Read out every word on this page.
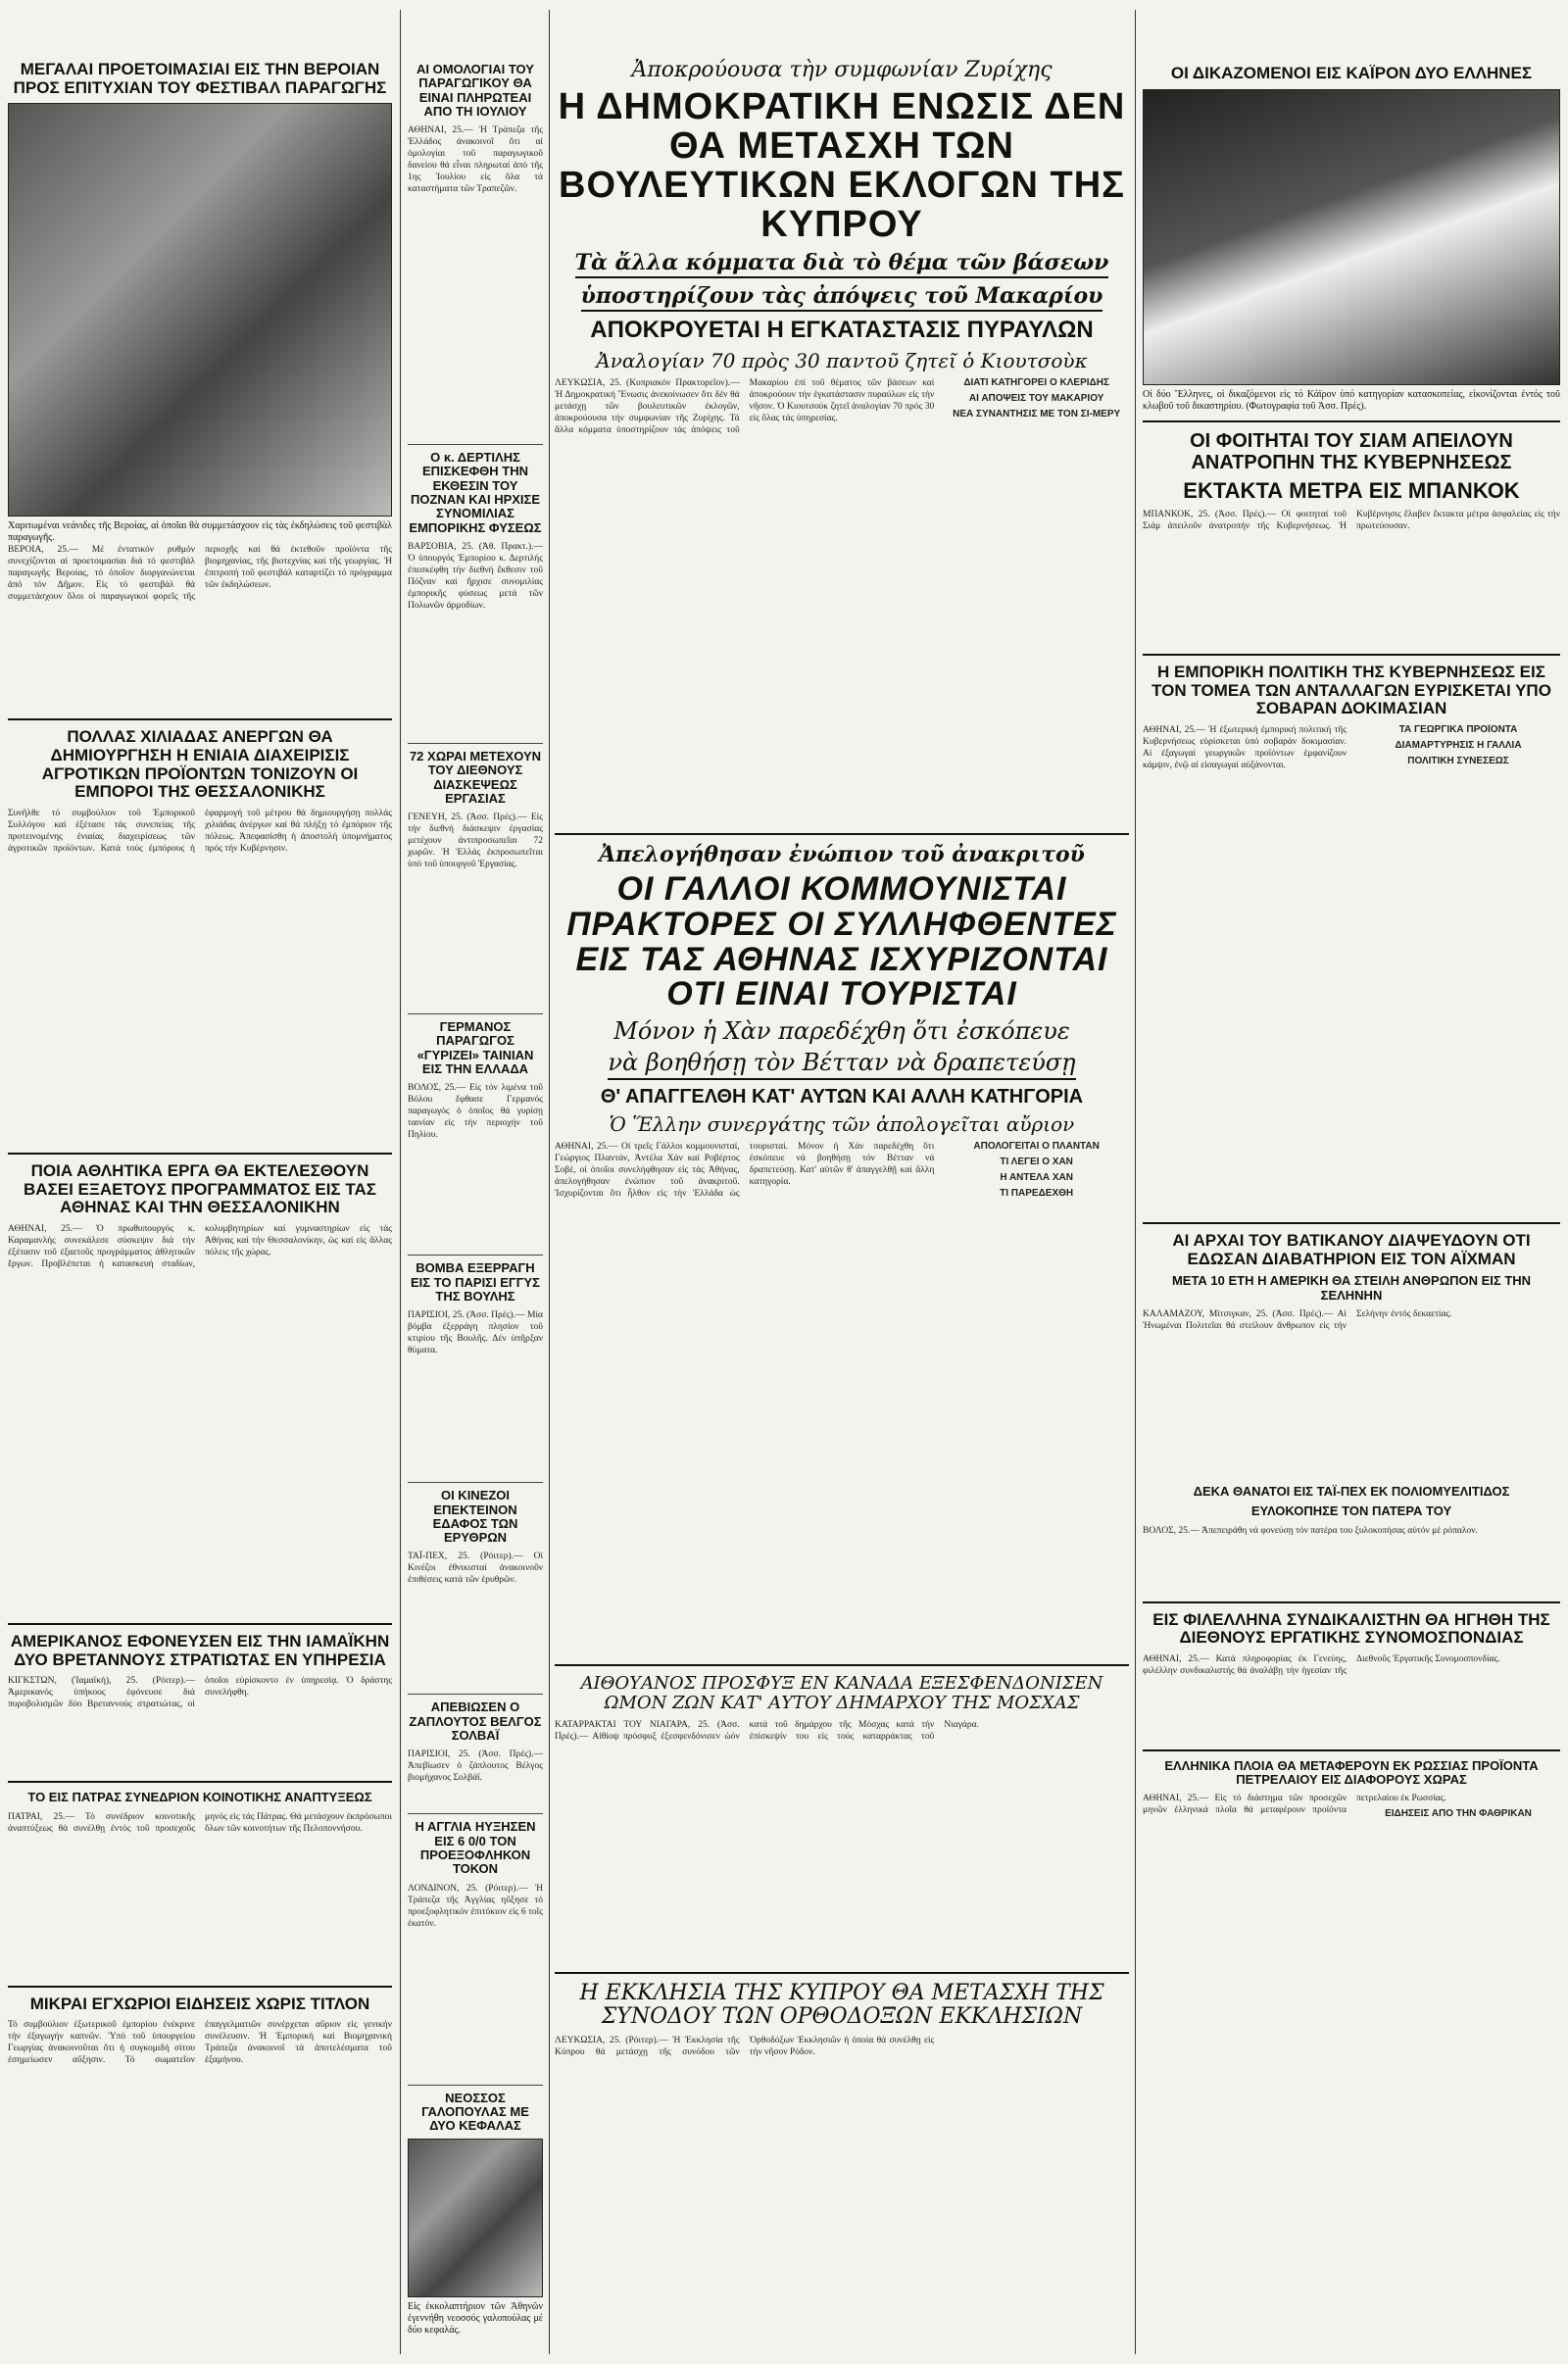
ΜΕΓΑΛΑΙ ΠΡΟΕΤΟΙΜΑΣΙΑΙ ΕΙΣ ΤΗΝ ΒΕΡΟΙΑΝ ΠΡΟΣ ΕΠΙΤΥΧΙΑΝ ΤΟΥ ΦΕΣΤΙΒΑΛ ΠΑΡΑΓΩΓΗΣ
Χαριτωμέναι νεάνιδες τῆς Βεροίας, αἱ ὁποῖαι θὰ συμμετάσχουν εἰς τὰς ἐκδηλώσεις τοῦ φεστιβὰλ παραγωγῆς.
ΒΕΡΟΙΑ, 25.— Μέ ἐντατικόν ρυθμόν συνεχίζονται αἱ προετοιμασίαι διά τό φεστιβάλ παραγωγῆς Βεροίας, τό ὁποῖον διοργανώνεται ἀπό τόν Δῆμον. Εἰς τό φεστιβάλ θά συμμετάσχουν ὅλοι οἱ παραγωγικοί φορεῖς τῆς περιοχῆς καί θά ἐκτεθοῦν προϊόντα τῆς βιομηχανίας, τῆς βιοτεχνίας καί τῆς γεωργίας. Ἡ ἐπιτροπή τοῦ φεστιβάλ καταρτίζει τό πρόγραμμα τῶν ἐκδηλώσεων.
ΠΟΛΛΑΣ ΧΙΛΙΑΔΑΣ ΑΝΕΡΓΩΝ ΘΑ ΔΗΜΙΟΥΡΓΗΣΗ Η ΕΝΙΑΙΑ ΔΙΑΧΕΙΡΙΣΙΣ ΑΓΡΟΤΙΚΩΝ ΠΡΟΪΟΝΤΩΝ ΤΟΝΙΖΟΥΝ ΟΙ ΕΜΠΟΡΟΙ ΤΗΣ ΘΕΣΣΑΛΟΝΙΚΗΣ
Συνῆλθε τό συμβούλιον τοῦ Ἐμπορικοῦ Συλλόγου καί ἐξέτασε τάς συνεπείας τῆς προτεινομένης ἐνιαίας διαχειρίσεως τῶν ἀγροτικῶν προϊόντων. Κατά τούς ἐμπόρους ἡ ἐφαρμογή τοῦ μέτρου θά δημιουργήσῃ πολλάς χιλιάδας ἀνέργων καί θά πλήξῃ τό ἐμπόριον τῆς πόλεως. Ἀπεφασίσθη ἡ ἀποστολή ὑπομνήματος πρός τήν Κυβέρνησιν.
ΠΟΙΑ ΑΘΛΗΤΙΚΑ ΕΡΓΑ ΘΑ ΕΚΤΕΛΕΣΘΟΥΝ ΒΑΣΕΙ ΕΞΑΕΤΟΥΣ ΠΡΟΓΡΑΜΜΑΤΟΣ ΕΙΣ ΤΑΣ ΑΘΗΝΑΣ ΚΑΙ ΤΗΝ ΘΕΣΣΑΛΟΝΙΚΗΝ
ΑΘΗΝΑΙ, 25.— Ὁ πρωθυπουργός κ. Καραμανλής συνεκάλεσε σύσκεψιν διά τήν ἐξέτασιν τοῦ ἐξαετοῦς προγράμματος ἀθλητικῶν ἔργων. Προβλέπεται ἡ κατασκευή σταδίων, κολυμβητηρίων καί γυμναστηρίων εἰς τάς Ἀθήνας καί τήν Θεσσαλονίκην, ὡς καί εἰς ἄλλας πόλεις τῆς χώρας.
ΑΜΕΡΙΚΑΝΟΣ ΕΦΟΝΕΥΣΕΝ ΕΙΣ ΤΗΝ ΙΑΜΑΪΚΗΝ ΔΥΟ ΒΡΕΤΑΝΝΟΥΣ ΣΤΡΑΤΙΩΤΑΣ ΕΝ ΥΠΗΡΕΣΙΑ
ΚΙΓΚΣΤΩΝ, (Ἰαμαϊκή), 25. (Ρόιτερ).— Ἀμερικανός ὑπήκοος ἐφόνευσε διά πυροβολισμῶν δύο Βρεταννούς στρατιώτας, οἱ ὁποῖοι εὑρίσκοντο ἐν ὑπηρεσίᾳ. Ὁ δράστης συνελήφθη.
ΤΟ ΕΙΣ ΠΑΤΡΑΣ ΣΥΝΕΔΡΙΟΝ ΚΟΙΝΟΤΙΚΗΣ ΑΝΑΠΤΥΞΕΩΣ
ΠΑΤΡΑΙ, 25.— Τό συνέδριον κοινοτικῆς ἀναπτύξεως θά συνέλθῃ ἐντός τοῦ προσεχοῦς μηνός εἰς τάς Πάτρας. Θά μετάσχουν ἐκπρόσωποι ὅλων τῶν κοινοτήτων τῆς Πελοποννήσου.
ΜΙΚΡΑΙ ΕΓΧΩΡΙΟΙ ΕΙΔΗΣΕΙΣ ΧΩΡΙΣ ΤΙΤΛΟΝ
Τό συμβούλιον ἐξωτερικοῦ ἐμπορίου ἐνέκρινε τήν ἐξαγωγήν καπνῶν. Ὑπό τοῦ ὑπουργείου Γεωργίας ἀνακοινοῦται ὅτι ἡ συγκομιδή σίτου ἐσημείωσεν αὔξησιν. Τό σωματεῖον ἐπαγγελματιῶν συνέρχεται αὔριον εἰς γενικήν συνέλευσιν. Ἡ Ἐμπορική καί Βιομηχανική Τράπεζα ἀνακοινοῖ τά ἀποτελέσματα τοῦ ἑξαμήνου.
ΑΙ ΟΜΟΛΟΓΙΑΙ ΤΟΥ ΠΑΡΑΓΩΓΙΚΟΥ ΘΑ ΕΙΝΑΙ ΠΛΗΡΩΤΕΑΙ ΑΠΟ ΤΗ ΙΟΥΛΙΟΥ
ΑΘΗΝΑΙ, 25.— Ἡ Τράπεζα τῆς Ἑλλάδος ἀνακοινοῖ ὅτι αἱ ὁμολογίαι τοῦ παραγωγικοῦ δανείου θά εἶναι πληρωταί ἀπό τῆς 1ης Ἰουλίου εἰς ὅλα τά καταστήματα τῶν Τραπεζῶν.
Ο κ. ΔΕΡΤΙΛΗΣ ΕΠΙΣΚΕΦΘΗ ΤΗΝ ΕΚΘΕΣΙΝ ΤΟΥ ΠΟΖΝΑΝ ΚΑΙ ΗΡΧΙΣΕ ΣΥΝΟΜΙΛΙΑΣ ΕΜΠΟΡΙΚΗΣ ΦΥΣΕΩΣ
ΒΑΡΣΟΒΙΑ, 25. (Ἀθ. Πρακτ.).— Ὁ ὑπουργός Ἐμπορίου κ. Δερτιλής ἐπεσκέφθη τήν διεθνή ἔκθεσιν τοῦ Πόζναν καί ἤρχισε συνομιλίας ἐμπορικῆς φύσεως μετά τῶν Πολωνῶν ἀρμοδίων.
72 ΧΩΡΑΙ ΜΕΤΕΧΟΥΝ ΤΟΥ ΔΙΕΘΝΟΥΣ ΔΙΑΣΚΕΨΕΩΣ ΕΡΓΑΣΙΑΣ
ΓΕΝΕΥΗ, 25. (Ἀσσ. Πρές).— Εἰς τήν διεθνή διάσκεψιν ἐργασίας μετέχουν ἀντιπροσωπεῖαι 72 χωρῶν. Ἡ Ἑλλάς ἐκπροσωπεῖται ὑπό τοῦ ὑπουργοῦ Ἐργασίας.
ΓΕΡΜΑΝΟΣ ΠΑΡΑΓΩΓΟΣ «ΓΥΡΙΖΕΙ» ΤΑΙΝΙΑΝ ΕΙΣ ΤΗΝ ΕΛΛΑΔΑ
ΒΟΛΟΣ, 25.— Εἰς τόν λιμένα τοῦ Βόλου ἔφθασε Γερμανός παραγωγός ὁ ὁποῖος θά γυρίσῃ ταινίαν εἰς τήν περιοχήν τοῦ Πηλίου.
ΒΟΜΒΑ ΕΞΕΡΡΑΓΗ ΕΙΣ ΤΟ ΠΑΡΙΣΙ ΕΓΓΥΣ ΤΗΣ ΒΟΥΛΗΣ
ΠΑΡΙΣΙΟΙ, 25. (Ἀσσ. Πρές).— Μία βόμβα ἐξερράγη πλησίον τοῦ κτιρίου τῆς Βουλῆς. Δέν ὑπῆρξαν θύματα.
ΟΙ ΚΙΝΕΖΟΙ ΕΠΕΚΤΕΙΝΟΝ ΕΔΑΦΟΣ ΤΩΝ ΕΡΥΘΡΩΝ
ΤΑΪ-ΠΕΧ, 25. (Ρόιτερ).— Οἱ Κινέζοι ἐθνικισταί ἀνακοινοῦν ἐπιθέσεις κατά τῶν ἐρυθρῶν.
ΑΠΕΒΙΩΣΕΝ Ο ΖΑΠΛΟΥΤΟΣ ΒΕΛΓΟΣ ΣΟΛΒΑΪ
ΠΑΡΙΣΙΟΙ, 25. (Ἀσσ. Πρές).— Ἀπεβίωσεν ὁ ζάπλουτος Βέλγος βιομήχανος Σολβάϊ.
Η ΑΓΓΛΙΑ ΗΥΞΗΣΕΝ ΕΙΣ 6 0/0 ΤΟΝ ΠΡΟΕΞΟΦΛΗΚΟΝ ΤΟΚΟΝ
ΛΟΝΔΙΝΟΝ, 25. (Ρόιτερ).— Ἡ Τράπεζα τῆς Ἀγγλίας ηὔξησε τό προεξοφλητικόν ἐπιτόκιον εἰς 6 τοῖς ἑκατόν.
ΝΕΟΣΣΟΣ ΓΑΛΟΠΟΥΛΑΣ ΜΕ ΔΥΟ ΚΕΦΑΛΑΣ
Εἰς ἐκκολαπτήριον τῶν Ἀθηνῶν ἐγεννήθη νεοσσός γαλοπούλας μέ δύο κεφαλάς.
Ἀποκρούουσα τὴν συμφωνίαν Ζυρίχης
Η ΔΗΜΟΚΡΑΤΙΚΗ ΕΝΩΣΙΣ ΔΕΝ ΘΑ ΜΕΤΑΣΧΗ ΤΩΝ ΒΟΥΛΕΥΤΙΚΩΝ ΕΚΛΟΓΩΝ ΤΗΣ ΚΥΠΡΟΥ
Τὰ ἄλλα κόμματα διὰ τὸ θέμα τῶν βάσεων
ὑποστηρίζουν τὰς ἀπόψεις τοῦ Μακαρίου
ΑΠΟΚΡΟΥΕΤΑΙ Η ΕΓΚΑΤΑΣΤΑΣΙΣ ΠΥΡΑΥΛΩΝ
Ἀναλογίαν 70 πρὸς 30 παντοῦ ζητεῖ ὁ Κιουτσοὺκ
ΛΕΥΚΩΣΙΑ, 25. (Κυπριακόν Πρακτορεῖον).— Ἡ Δημοκρατική Ἕνωσις ἀνεκοίνωσεν ὅτι δέν θά μετάσχῃ τῶν βουλευτικῶν ἐκλογῶν, ἀποκρούουσα τήν συμφωνίαν τῆς Ζυρίχης. Τά ἄλλα κόμματα ὑποστηρίζουν τάς ἀπόψεις τοῦ Μακαρίου ἐπί τοῦ θέματος τῶν βάσεων καί ἀποκρούουν τήν ἐγκατάστασιν πυραύλων εἰς τήν νῆσον. Ὁ Κιουτσούκ ζητεῖ ἀναλογίαν 70 πρός 30 εἰς ὅλας τάς ὑπηρεσίας.
ΔΙΑΤΙ ΚΑΤΗΓΟΡΕΙ Ο ΚΛΕΡΙΔΗΣ
ΑΙ ΑΠΟΨΕΙΣ ΤΟΥ ΜΑΚΑΡΙΟΥ
ΝΕΑ ΣΥΝΑΝΤΗΣΙΣ ΜΕ ΤΟΝ ΣΙ-ΜΕΡΥ
Ἀπελογήθησαν ἐνώπιον τοῦ ἀνακριτοῦ
ΟΙ ΓΑΛΛΟΙ ΚΟΜΜΟΥΝΙΣΤΑΙ ΠΡΑΚΤΟΡΕΣ ΟΙ ΣΥΛΛΗΦΘΕΝΤΕΣ ΕΙΣ ΤΑΣ ΑΘΗΝΑΣ ΙΣΧΥΡΙΖΟΝΤΑΙ ΟΤΙ ΕΙΝΑΙ ΤΟΥΡΙΣΤΑΙ
Μόνον ἡ Χὰν παρεδέχθη ὅτι ἐσκόπευε
νὰ βοηθήσῃ τὸν Βέτταν νὰ δραπετεύσῃ
Θ' ΑΠΑΓΓΕΛΘΗ ΚΑΤ' ΑΥΤΩΝ ΚΑΙ ΑΛΛΗ ΚΑΤΗΓΟΡΙΑ
Ὁ Ἕλλην συνεργάτης τῶν ἀπολογεῖται αὔριον
ΑΘΗΝΑΙ, 25.— Οἱ τρεῖς Γάλλοι κομμουνισταί, Γεώργιος Πλαντάν, Ἀντέλα Χάν καί Ροβέρτος Σοβέ, οἱ ὁποῖοι συνελήφθησαν εἰς τάς Ἀθήνας, ἀπελογήθησαν ἐνώπιον τοῦ ἀνακριτοῦ. Ἰσχυρίζονται ὅτι ἦλθον εἰς τήν Ἑλλάδα ὡς τουρισταί. Μόνον ἡ Χάν παρεδέχθη ὅτι ἐσκόπευε νά βοηθήσῃ τόν Βέτταν νά δραπετεύσῃ. Κατ' αὐτῶν θ' ἀπαγγελθῇ καί ἄλλη κατηγορία.
ΑΠΟΛΟΓΕΙΤΑΙ Ο ΠΛΑΝΤΑΝ
ΤΙ ΛΕΓΕΙ Ο ΧΑΝ
Η ΑΝΤΕΛΑ ΧΑΝ
ΤΙ ΠΑΡΕΔΕΧΘΗ
ΑΙΘΟΥΑΝΟΣ ΠΡΟΣΦΥΞ ΕΝ ΚΑΝΑΔΑ ΕΞΕΣΦΕΝΔΟΝΙΣΕΝ ΩΜΟΝ ΖΩΝ ΚΑΤ' ΑΥΤΟΥ ΔΗΜΑΡΧΟΥ ΤΗΣ ΜΟΣΧΑΣ
ΚΑΤΑΡΡΑΚΤΑΙ ΤΟΥ ΝΙΑΓΑΡΑ, 25. (Ἀσσ. Πρές).— Αἰθίοψ πρόσφυξ ἐξεσφενδόνισεν ὠόν κατά τοῦ δημάρχου τῆς Μόσχας κατά τήν ἐπίσκεψίν του εἰς τούς καταρράκτας τοῦ Νιαγάρα.
Η ΕΚΚΛΗΣΙΑ ΤΗΣ ΚΥΠΡΟΥ ΘΑ ΜΕΤΑΣΧΗ ΤΗΣ ΣΥΝΟΔΟΥ ΤΩΝ ΟΡΘΟΔΟΞΩΝ ΕΚΚΛΗΣΙΩΝ
ΛΕΥΚΩΣΙΑ, 25. (Ρόιτερ).— Ἡ Ἐκκλησία τῆς Κύπρου θά μετάσχῃ τῆς συνόδου τῶν Ὀρθοδόξων Ἐκκλησιῶν ἡ ὁποία θά συνέλθῃ εἰς τήν νῆσον Ρόδον.
ΟΙ ΔΙΚΑΖΟΜΕΝΟΙ ΕΙΣ ΚΑΪΡΟΝ ΔΥΟ ΕΛΛΗΝΕΣ
Οἱ δύο Ἕλληνες, οἱ δικαζόμενοι εἰς τό Κάϊρον ὑπό κατηγορίαν κατασκοπείας, εἰκονίζονται ἐντός τοῦ κλωβοῦ τοῦ δικαστηρίου. (Φωτογραφία τοῦ Ἀσσ. Πρές).
ΟΙ ΦΟΙΤΗΤΑΙ ΤΟΥ ΣΙΑΜ ΑΠΕΙΛΟΥΝ ΑΝΑΤΡΟΠΗΝ ΤΗΣ ΚΥΒΕΡΝΗΣΕΩΣ
ΕΚΤΑΚΤΑ ΜΕΤΡΑ ΕΙΣ ΜΠΑΝΚΟΚ
ΜΠΑΝΚΟΚ, 25. (Ἀσσ. Πρές).— Οἱ φοιτηταί τοῦ Σιάμ ἀπειλοῦν ἀνατροπήν τῆς Κυβερνήσεως. Ἡ Κυβέρνησις ἔλαβεν ἔκτακτα μέτρα ἀσφαλείας εἰς τήν πρωτεύουσαν.
Η ΕΜΠΟΡΙΚΗ ΠΟΛΙΤΙΚΗ ΤΗΣ ΚΥΒΕΡΝΗΣΕΩΣ ΕΙΣ ΤΟΝ ΤΟΜΕΑ ΤΩΝ ΑΝΤΑΛΛΑΓΩΝ ΕΥΡΙΣΚΕΤΑΙ ΥΠΟ ΣΟΒΑΡΑΝ ΔΟΚΙΜΑΣΙΑΝ
ΑΘΗΝΑΙ, 25.— Ἡ ἐξωτερική ἐμπορική πολιτική τῆς Κυβερνήσεως εὑρίσκεται ὑπό σοβαράν δοκιμασίαν. Αἱ ἐξαγωγαί γεωργικῶν προϊόντων ἐμφανίζουν κάμψιν, ἐνῷ αἱ εἰσαγωγαί αὐξάνονται.
ΤΑ ΓΕΩΡΓΙΚΑ ΠΡΟΪΟΝΤΑ
ΔΙΑΜΑΡΤΥΡΗΣΙΣ Η ΓΑΛΛΙΑ
ΠΟΛΙΤΙΚΗ ΣΥΝΕΣΕΩΣ
ΑΙ ΑΡΧΑΙ ΤΟΥ ΒΑΤΙΚΑΝΟΥ ΔΙΑΨΕΥΔΟΥΝ ΟΤΙ ΕΔΩΣΑΝ ΔΙΑΒΑΤΗΡΙΟΝ ΕΙΣ ΤΟΝ ΑΪΧΜΑΝ
ΜΕΤΑ 10 ΕΤΗ Η ΑΜΕΡΙΚΗ ΘΑ ΣΤΕΙΛΗ ΑΝΘΡΩΠΟΝ ΕΙΣ ΤΗΝ ΣΕΛΗΝΗΝ
ΚΑΛΑΜΑΖΟΥ, Μίτσιγκαν, 25. (Ἀσσ. Πρές).— Αἱ Ἡνωμέναι Πολιτεῖαι θά στείλουν ἄνθρωπον εἰς τήν Σελήνην ἐντός δεκαετίας.
ΔΕΚΑ ΘΑΝΑΤΟΙ ΕΙΣ ΤΑΪ-ΠΕΧ ΕΚ ΠΟΛΙΟΜΥΕΛΙΤΙΔΟΣ
ΕΥΛΟΚΟΠΗΣΕ ΤΟΝ ΠΑΤΕΡΑ ΤΟΥ
ΒΟΛΟΣ, 25.— Ἀπεπειράθη νά φονεύσῃ τόν πατέρα του ξυλοκοπήσας αὐτόν μέ ρόπαλον.
ΕΙΣ ΦΙΛΕΛΛΗΝΑ ΣΥΝΔΙΚΑΛΙΣΤΗΝ ΘΑ ΗΓΗΘΗ ΤΗΣ ΔΙΕΘΝΟΥΣ ΕΡΓΑΤΙΚΗΣ ΣΥΝΟΜΟΣΠΟΝΔΙΑΣ
ΑΘΗΝΑΙ, 25.— Κατά πληροφορίας ἐκ Γενεύης, φιλέλλην συνδικαλιστής θά ἀναλάβῃ τήν ἡγεσίαν τῆς Διεθνοῦς Ἐργατικῆς Συνομοσπονδίας.
ΕΛΛΗΝΙΚΑ ΠΛΟΙΑ ΘΑ ΜΕΤΑΦΕΡΟΥΝ ΕΚ ΡΩΣΣΙΑΣ ΠΡΟΪΟΝΤΑ ΠΕΤΡΕΛΑΙΟΥ ΕΙΣ ΔΙΑΦΟΡΟΥΣ ΧΩΡΑΣ
ΑΘΗΝΑΙ, 25.— Εἰς τό διάστημα τῶν προσεχῶν μηνῶν ἑλληνικά πλοῖα θά μεταφέρουν προϊόντα πετρελαίου ἐκ Ρωσσίας.
ΕΙΔΗΣΕΙΣ ΑΠΟ ΤΗΝ ΦΑΘΡΙΚΑΝ
